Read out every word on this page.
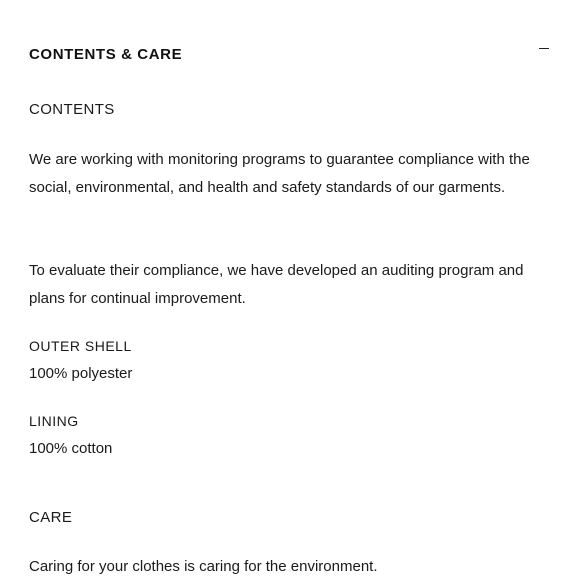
CONTENTS & CARE
CONTENTS

We are working with monitoring programs to guarantee compliance with the social, environmental, and health and safety standards of our garments.

To evaluate their compliance, we have developed an auditing program and plans for continual improvement.

OUTER SHELL
100% polyester
LINING
100% cotton
CARE

Caring for your clothes is caring for the environment.
